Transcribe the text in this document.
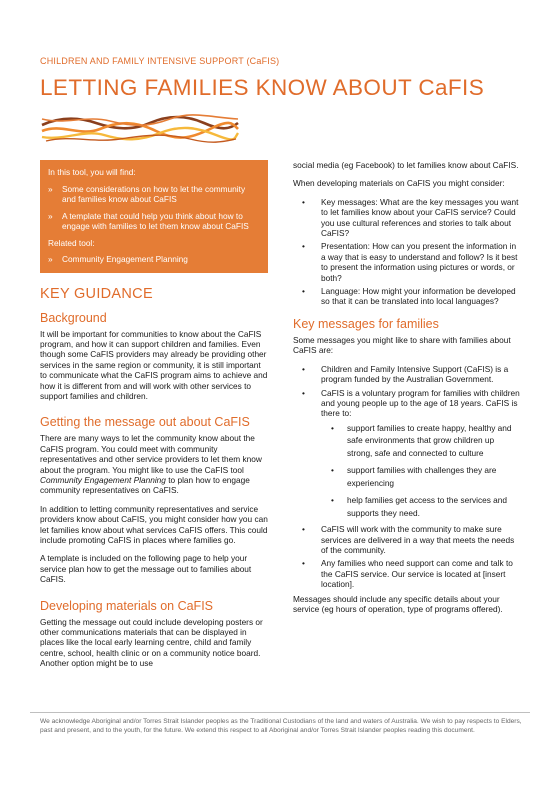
CHILDREN AND FAMILY INTENSIVE SUPPORT (CaFIS)
LETTING FAMILIES KNOW ABOUT CaFIS

In this tool, you will find:

» Some considerations on how to let the community and families know about CaFIS
» A template that could help you think about how to engage with families to let them know about CaFIS

Related tool:

» Community Engagement Planning
KEY GUIDANCE
Background

It will be important for communities to know about the CaFIS program, and how it can support children and families. Even though some CaFIS providers may already be providing other services in the same region or community, it is still important to communicate what the CaFIS program aims to achieve and how it is different from and will work with other services to support families and children.

Getting the message out about CaFIS

There are many ways to let the community know about the CaFIS program. You could meet with community representatives and other service providers to let them know about the program. You might like to use the CaFIS tool Community Engagement Planning to plan how to engage community representatives on CaFIS.

In addition to letting community representatives and service providers know about CaFIS, you might consider how you can let families know about what services CaFIS offers. This could include promoting CaFIS in places where families go.

A template is included on the following page to help your service plan how to get the message out to families about CaFIS.

Developing materials on CaFIS

Getting the message out could include developing posters or other communications materials that can be displayed in places like the local early learning centre, child and family centre, school, health clinic or on a community notice board. Another option might be to use

social media (eg Facebook) to let families know about CaFIS.

When developing materials on CaFIS you might consider:

• Key messages: What are the key messages you want to let families know about your CaFIS service? Could you use cultural references and stories to talk about CaFIS?
• Presentation: How can you present the information in a way that is easy to understand and follow? Is it best to present the information using pictures or words, or both?
• Language: How might your information be developed so that it can be translated into local languages?
Key messages for families

Some messages you might like to share with families about CaFIS are:

• Children and Family Intensive Support (CaFIS) is a program funded by the Australian Government.
• CaFIS is a voluntary program for families with children and young people up to the age of 18 years. CaFIS is there to:
• support families to create happy, healthy and safe environments that grow children up strong, safe and connected to culture
• support families with challenges they are experiencing
• help families get access to the services and supports they need.
• CaFIS will work with the community to make sure services are delivered in a way that meets the needs of the community.
• Any families who need support can come and talk to the CaFIS service. Our service is located at [insert location].

Messages should include any specific details about your service (eg hours of operation, type of programs offered).

We acknowledge Aboriginal and/or Torres Strait Islander peoples as the Traditional Custodians of the land and waters of Australia. We wish to pay respects to Elders, past and present, and to the youth, for the future. We extend this respect to all Aboriginal and/or Torres Strait Islander peoples reading this document.
